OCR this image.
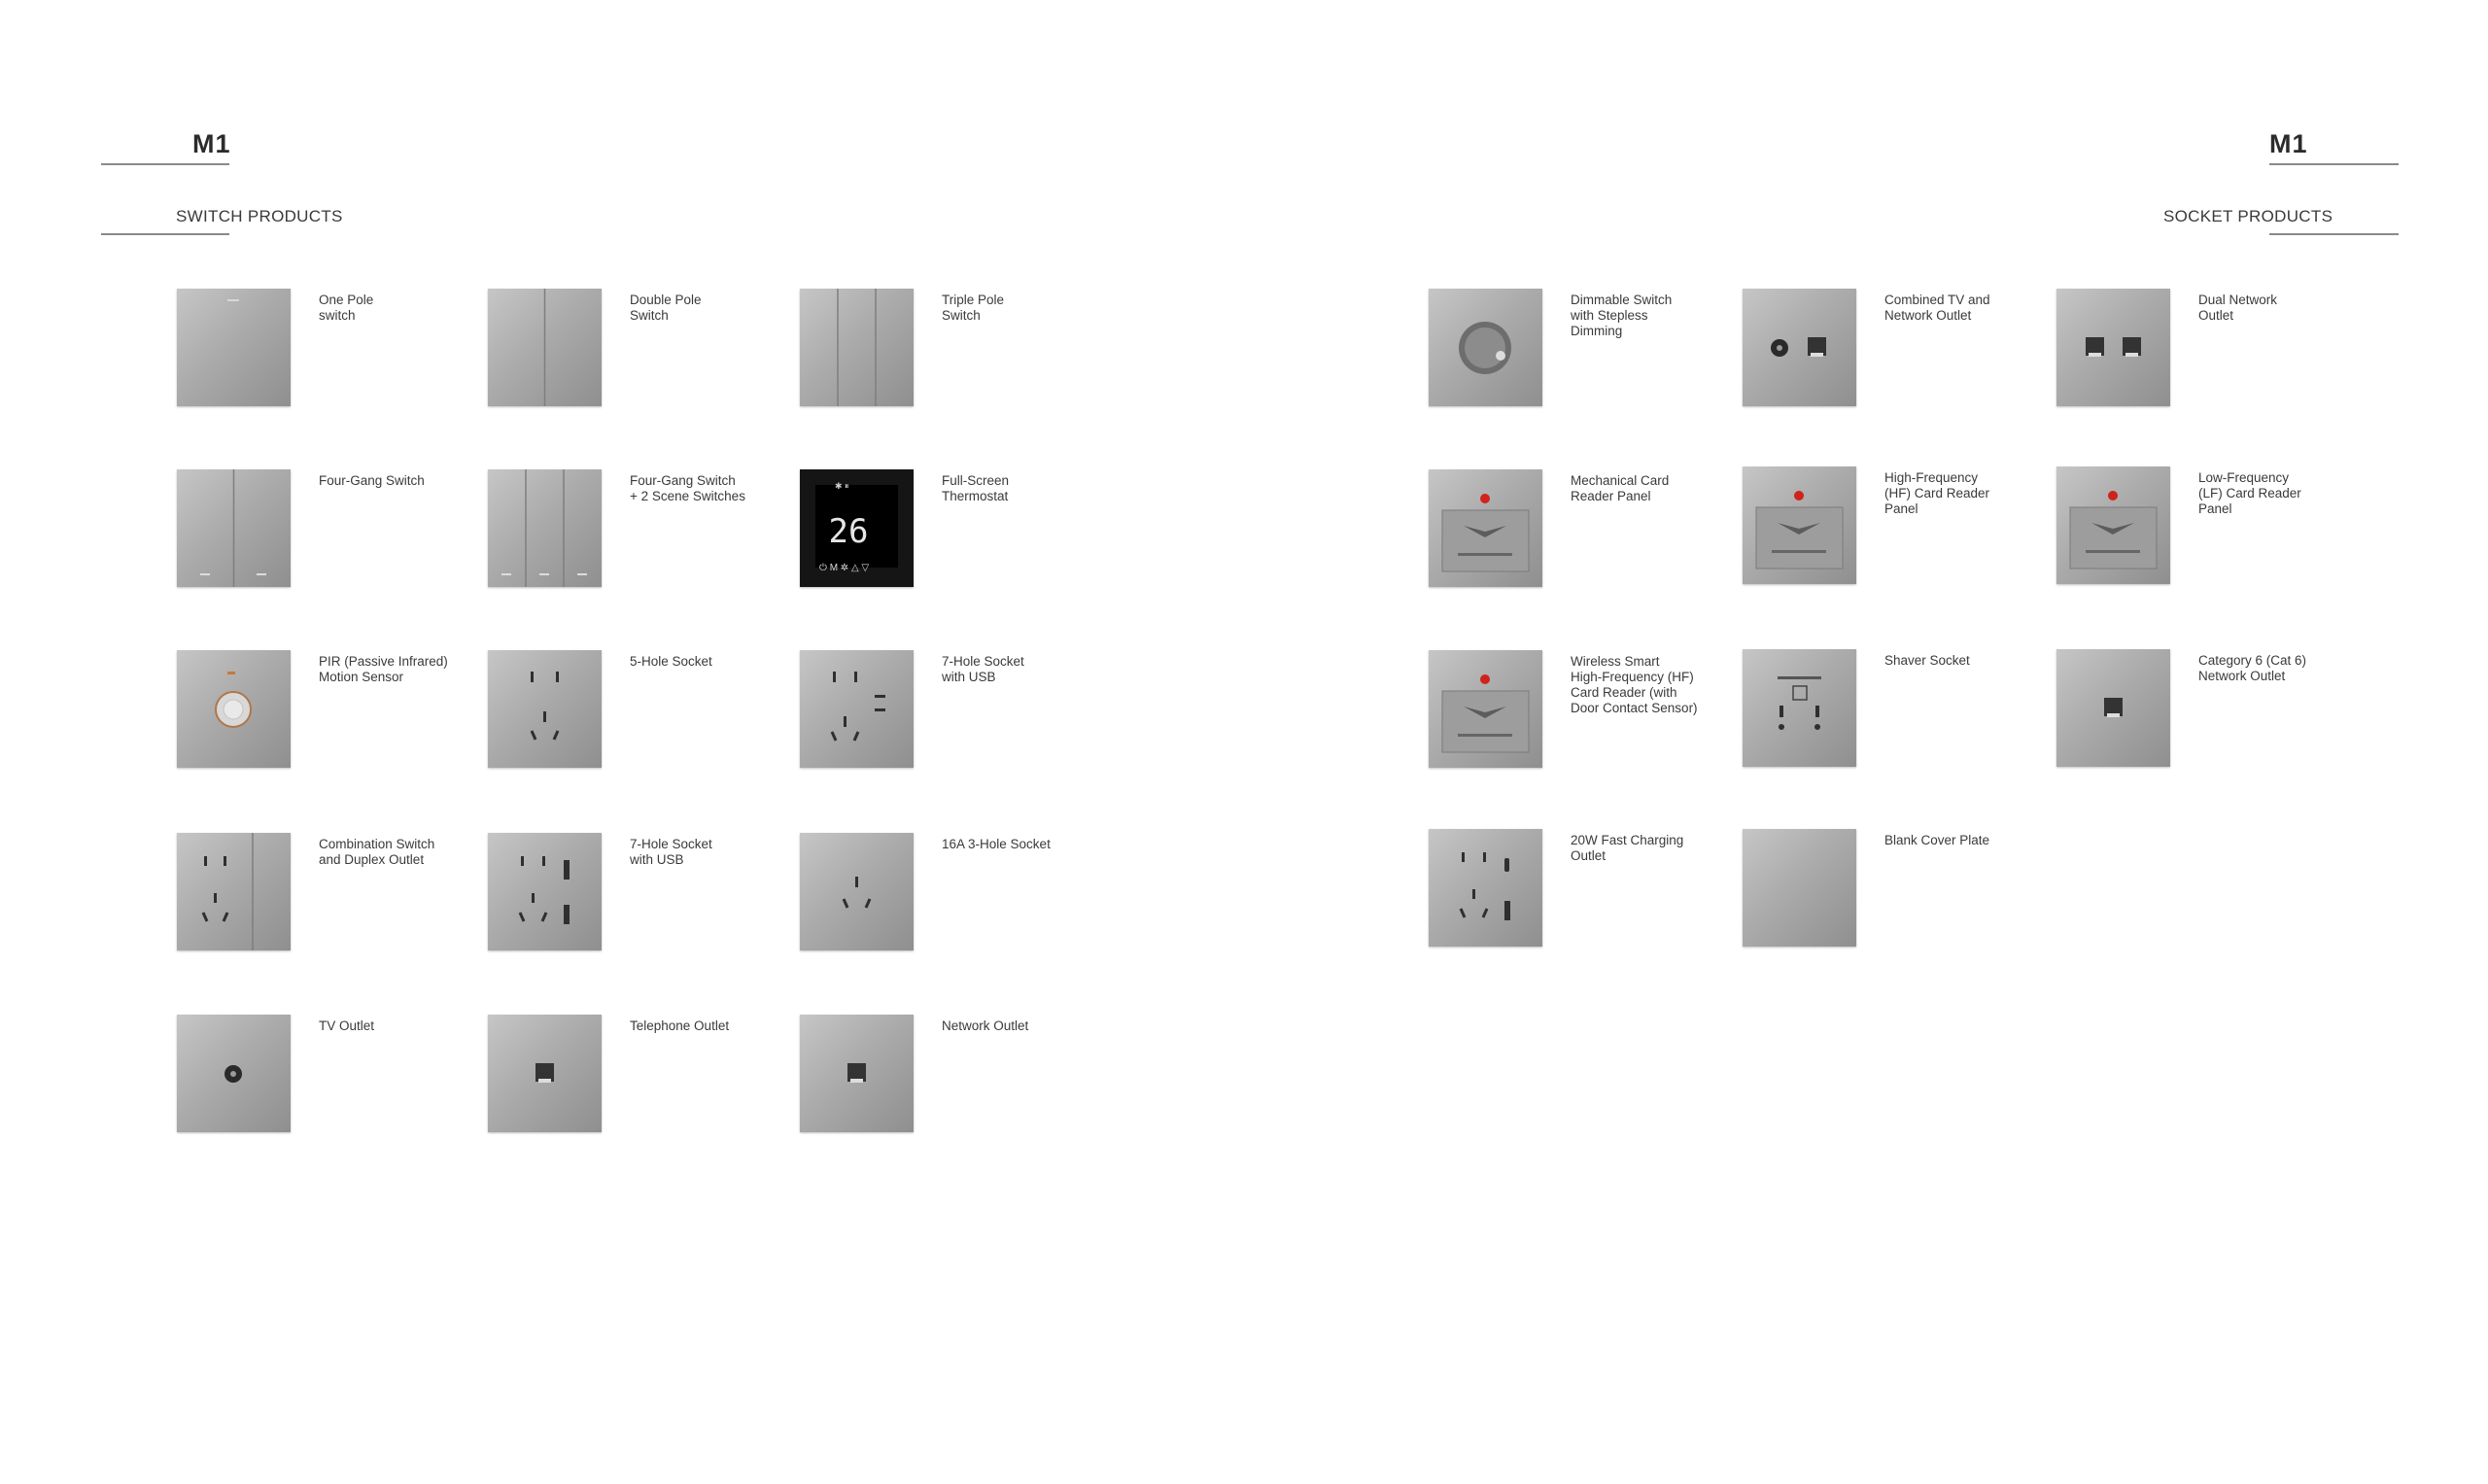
M1
SWITCH PRODUCTS
M1
SOCKET PRODUCTS
One Pole
switch
Double Pole
Switch
Triple Pole
Switch
Four-Gang Switch	Four-Gang Switch
+ 2 Scene Switches
26
✱ ⏸
⏻ M ✲ △ ▽
Full-Screen
Thermostat
PIR (Passive Infrared)
Motion Sensor
5-Hole Socket	7-Hole Socket
with USB
Combination Switch
and Duplex Outlet
7-Hole Socket
with USB
16A 3-Hole Socket
TV Outlet	Telephone Outlet	Network Outlet
Dimmable Switch
with Stepless
Dimming
Combined TV and
Network Outlet
Dual Network
Outlet
Mechanical Card
Reader Panel
High-Frequency
(HF) Card Reader
Panel
Low-Frequency
(LF) Card Reader
Panel
Wireless Smart
High-Frequency (HF)
Card Reader (with
Door Contact Sensor)
Shaver Socket	Category 6 (Cat 6)
Network Outlet
20W Fast Charging
Outlet
Blank Cover Plate
